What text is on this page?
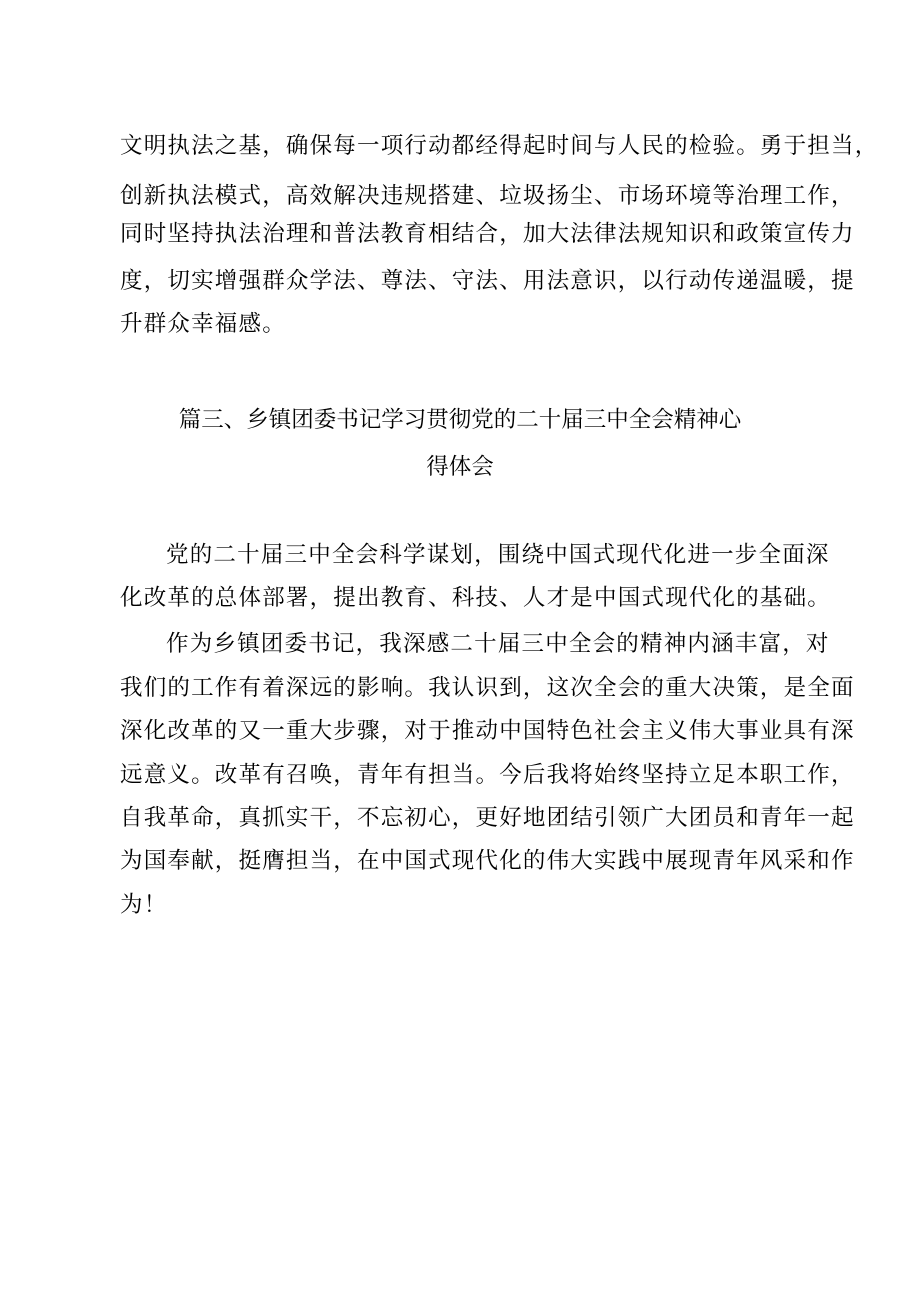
文明执法之基，确保每一项行动都经得起时间与人民的检验。勇于担当，
创新执法模式，高效解决违规搭建、垃圾扬尘、市场环境等治理工作，
同时坚持执法治理和普法教育相结合，加大法律法规知识和政策宣传力
度，切实增强群众学法、尊法、守法、用法意识，以行动传递温暖，提
升群众幸福感。
篇三、乡镇团委书记学习贯彻党的二十届三中全会精神心
得体会
党的二十届三中全会科学谋划，围绕中国式现代化进一步全面深
化改革的总体部署，提出教育、科技、人才是中国式现代化的基础。
作为乡镇团委书记，我深感二十届三中全会的精神内涵丰富，对
我们的工作有着深远的影响。我认识到，这次全会的重大决策，是全面
深化改革的又一重大步骤，对于推动中国特色社会主义伟大事业具有深
远意义。改革有召唤，青年有担当。今后我将始终坚持立足本职工作，
自我革命，真抓实干，不忘初心，更好地团结引领广大团员和青年一起
为国奉献，挺膺担当，在中国式现代化的伟大实践中展现青年风采和作
为！
